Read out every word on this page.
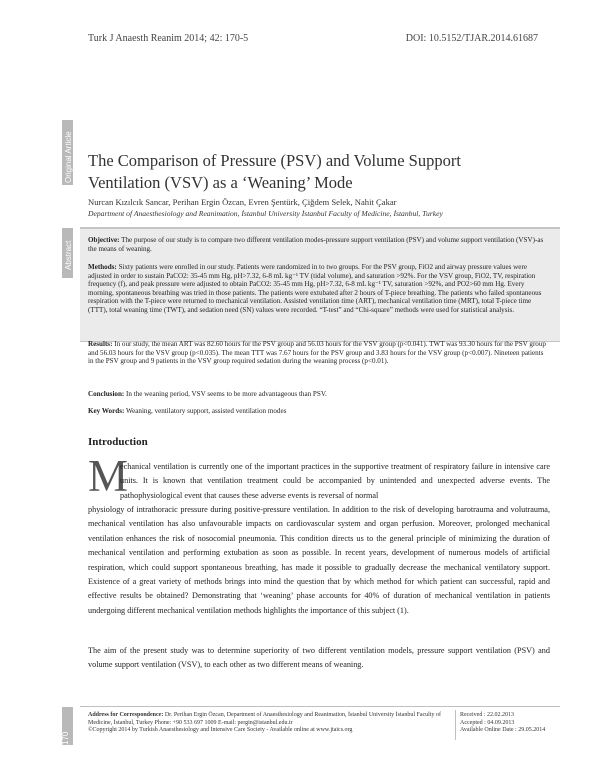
Turk J Anaesth Reanim 2014; 42: 170-5	DOI: 10.5152/TJAR.2014.61687
Original Article The Comparison of Pressure (PSV) and Volume Support Ventilation (VSV) as a ‘Weaning’ Mode
Nurcan Kızılcık Sancar, Perihan Ergin Özcan, Evren Şentürk, Çiğdem Selek, Nahit Çakar
Department of Anaesthesiology and Reanimation, İstanbul University İstanbul Faculty of Medicine, İstanbul, Turkey
Abstract
Objective: The purpose of our study is to compare two different ventilation modes-pressure support ventilation (PSV) and volume support ventilation (VSV)-as the means of weaning.
Methods: Sixty patients were enrolled in our study. Patients were randomized in to two groups. For the PSV group, FiO2 and airway pressure values were adjusted in order to sustain PaCO2: 35-45 mm Hg, pH>7.32, 6-8 mL kg⁻¹ TV (tidal volume), and saturation >92%. For the VSV group, FiO2, TV, respiration frequency (f), and peak pressure were adjusted to obtain PaCO2: 35-45 mm Hg, pH>7.32, 6-8 mL kg⁻¹ TV, saturation >92%, and PO2>60 mm Hg. Every morning, spontaneous breathing was tried in those patients. The patients were extubated after 2 hours of T-piece breathing. The patients who failed spontaneous respiration with the T-piece were returned to mechanical ventilation. Assisted ventilation time (ART), mechanical ventilation time (MRT), total T-piece time (TTT), total weaning time (TWT), and sedation need (SN) values were recorded. “T-test” and “Chi-square” methods were used for statistical analysis.
Results: In our study, the mean ART was 82.60 hours for the PSV group and 56.03 hours for the VSV group (p<0.041). TWT was 93.30 hours for the PSV group and 56.03 hours for the VSV group (p<0.035). The mean TTT was 7.67 hours for the PSV group and 3.83 hours for the VSV group (p<0.007). Nineteen patients in the PSV group and 9 patients in the VSV group required sedation during the weaning process (p<0.01).
Conclusion: In the weaning period, VSV seems to be more advantageous than PSV.
Key Words: Weaning, ventilatory support, assisted ventilation modes
Introduction
M
echanical ventilation is currently one of the important practices in the supportive treatment of respiratory failure in intensive care units. It is known that ventilation treatment could be accompanied by unintended and unexpected adverse events. The pathophysiological event that causes these adverse events is reversal of normal
physiology of intrathoracic pressure during positive-pressure ventilation. In addition to the risk of developing barotrauma and volutrauma, mechanical ventilation has also unfavourable impacts on cardiovascular system and organ perfusion. Moreover, prolonged mechanical ventilation enhances the risk of nosocomial pneumonia. This condition directs us to the general principle of minimizing the duration of mechanical ventilation and performing extubation as soon as possible. In recent years, development of numerous models of artificial respiration, which could support spontaneous breathing, has made it possible to gradually decrease the mechanical ventilatory support. Existence of a great variety of methods brings into mind the question that by which method for which patient can successful, rapid and effective results be obtained? Demonstrating that ‘weaning’ phase accounts for 40% of duration of mechanical ventilation in patients undergoing different mechanical ventilation methods highlights the importance of this subject (1).
The aim of the present study was to determine superiority of two different ventilation models, pressure support ventilation (PSV) and volume support ventilation (VSV), to each other as two different means of weaning.
170
Address for Correspondence: Dr. Perihan Ergin Özcan, Department of Anaesthesiology and Reanimation, İstanbul University İstanbul Faculty of Medicine, İstanbul, Turkey Phone: +90 533 697 1009 E-mail: pergin@istanbul.edu.tr
©Copyright 2014 by Turkish Anaesthesiology and Intensive Care Society - Available online at www.jtaics.org
Received : 22.02.2013
Accepted : 04.09.2013
Available Online Date : 29.05.2014
